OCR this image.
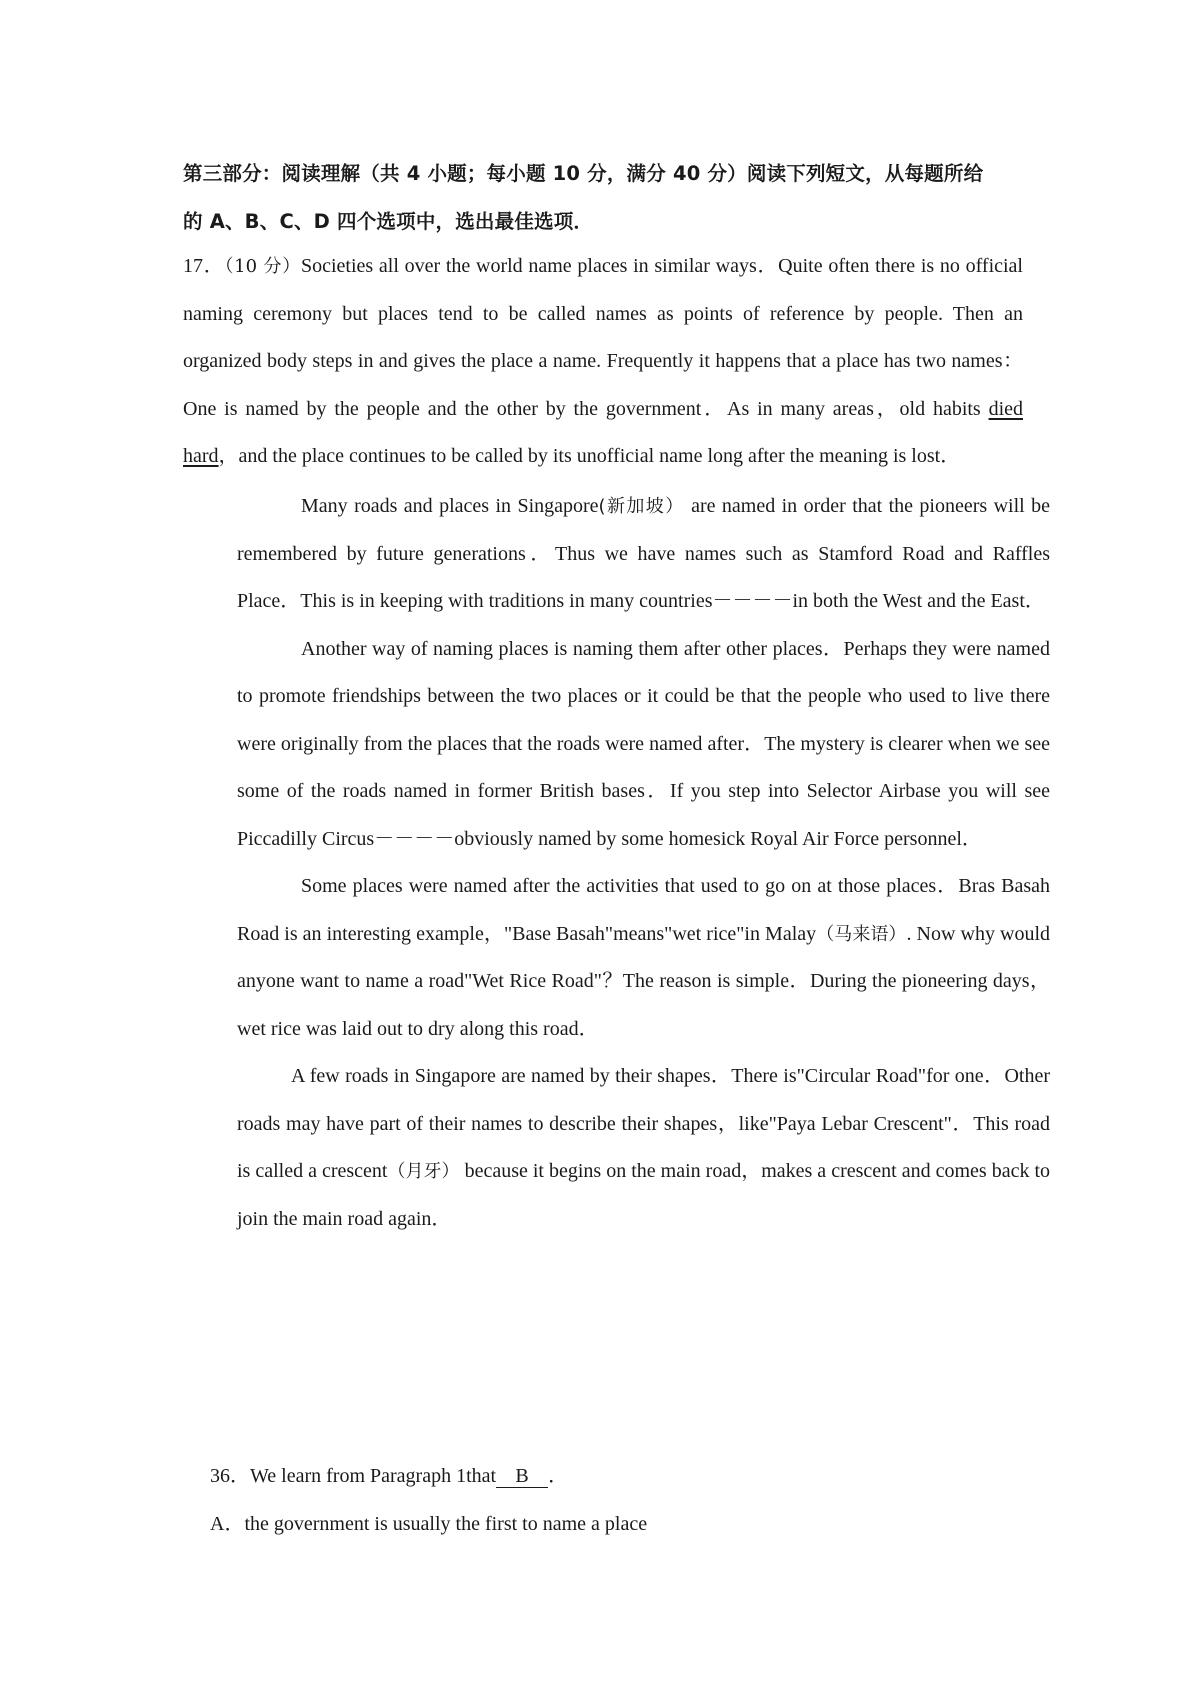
第三部分：阅读理解（共 4 小题；每小题 10 分，满分 40 分）阅读下列短文，从每题所给
的 A、B、C、D 四个选项中，选出最佳选项．

17．（10 分）Societies all over the world name places in similar ways．Quite often there is no official naming ceremony but places tend to be called names as points of reference by people. Then an organized body steps in and gives the place a name. Frequently it happens that a place has two names：One is named by the people and the other by the government．As in many areas，old habits died hard，and the place continues to be called by its unofficial name long after the meaning is lost．

Many roads and places in Singapore(新加坡） are named in order that the pioneers will be remembered by future generations．Thus we have names such as Stamford Road and Raffles Place．This is in keeping with traditions in many countries－－－－in both the West and the East．

Another way of naming places is naming them after other places．Perhaps they were named to promote friendships between the two places or it could be that the people who used to live there were originally from the places that the roads were named after．The mystery is clearer when we see some of the roads named in former British bases．If you step into Selector Airbase you will see Piccadilly Circus－－－－obviously named by some homesick Royal Air Force personnel．

Some places were named after the activities that used to go on at those places．Bras Basah Road is an interesting example，"Base Basah"means"wet rice"in Malay（马来语）. Now why would anyone want to name a road"Wet Rice Road"？The reason is simple．During the pioneering days，wet rice was laid out to dry along this road．

A few roads in Singapore are named by their shapes．There is"Circular Road"for one．Other roads may have part of their names to describe their shapes，like"Paya Lebar Crescent"．This road is called a crescent（月牙） because it begins on the main road，makes a crescent and comes back to join the main road again．

36．We learn from Paragraph 1that B ．
A．the government is usually the first to name a place
